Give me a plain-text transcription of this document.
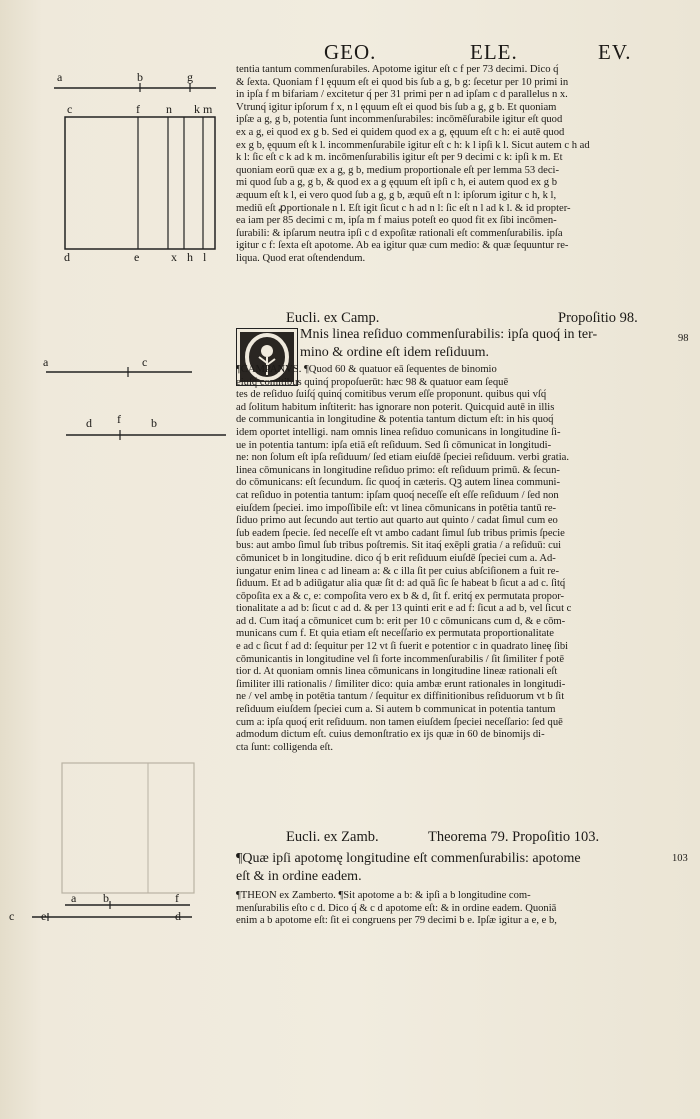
GEO.	ELE.	EV.
a	b	g
c	f n k m
d	e	x h l
a	c
d f	b
a b	f
c e	d
tentia tantum commenſurabiles. Apotome igitur eſt c f per 73 decimi. Dico q́
& ſexta. Quoniam f l ęquum eſt ei quod bis ſub a g, b g: ſecetur per 10 primi in
in ipſa f m bifariam / excitetur q́ per 31 primi per n ad ipſam c d parallelus n x.
Vtrunq́ igitur ipſorum f x, n l ęquum eſt ei quod bis ſub a g, g b. Et quoniam
ipſæ a g, g b, potentia ſunt incommenſurabiles: incōmēſurabile igitur eſt quod
ex a g, ei quod ex g b. Sed ei quidem quod ex a g, ęquum eſt c h: ei autē quod
ex g b, ęquum eſt k l. incommenſurabile igitur eſt c h: k l ipſi k l. Sicut autem c h ad
k l: ſic eſt c k ad k m. incōmenſurabilis igitur eſt per 9 decimi c k: ipſi k m. Et
quoniam eorū quæ ex a g, g b, medium proportionale eſt per lemma 53 deci-
mi quod ſub a g, g b, & quod ex a g ęquum eſt ipſi c h, ei autem quod ex g b
æquum eſt k l, ei vero quod ſub a g, g b, æquū eſt n l: ipſorum igitur c h, k l,
mediū eſt ꝓportionale n l. Eſt igit ſicut c h ad n l: ſic eſt n l ad k l. & id propter-
ea iam per 85 decimi c m, ipſa m f maius poteſt eo quod fit ex ſibi incōmen-
ſurabili: & ipſarum neutra ipſi c d expoſitæ rationali eſt commenſurabilis. ipſa
igitur c f: ſexta eſt apotome. Ab ea igitur quæ cum medio: & quæ ſequuntur re-
liqua. Quod erat oſtendendum.
Eucli. ex Camp.	Propoſitio 98.
98
Mnis linea reſiduo commenſurabilis: ipſa quoq́ in ter-
mino & ordine eſt idem reſiduum.
¶CAMPANVS. ¶Quod 60 & quatuor eā ſequentes de binomio
eiuſq́ comitibus quinq́ propoſuerūt: hæc 98 & quatuor eam ſequē
tes de reſiduo ſuiſq́ quinq́ comitibus verum eſſe proponunt. quibus qui vſq́
ad ſolitum habitum inſtiterit: has ignorare non poterit. Quicquid autē in illis
de communicantia in longitudine & potentia tantum dictum eſt: in his quoq́
idem oportet intelligi. nam omnis linea reſiduo comunicans in longitudine ſi-
ue in potentia tantum: ipſa etiā eſt reſiduum. Sed ſi cōmunicat in longitudi-
ne: non ſolum eſt ipſa reſiduum/ ſed etiam eiuſdē ſpeciei reſiduum. verbi gratia.
linea cōmunicans in longitudine reſiduo primo: eſt reſiduum primū. & ſecun-
do cōmunicans: eſt ſecundum. ſic quoq́ in cæteris. Qꝫ autem linea communi-
cat reſiduo in potentia tantum: ipſam quoq́ neceſſe eſt eſſe reſiduum / ſed non
eiuſdem ſpeciei. imo impoſſibile eſt: vt linea cōmunicans in potētia tantū re-
ſiduo primo aut ſecundo aut tertio aut quarto aut quinto / cadat ſimul cum eo
ſub eadem ſpecie. ſed neceſſe eſt vt ambo cadant ſimul ſub tribus primis ſpecie
bus: aut ambo ſimul ſub tribus poſtremis. Sit itaq́ exēpli gratia / a reſiduū: cui
cōmunicet b in longitudine. dico q́ b erit reſiduum eiuſdē ſpeciei cum a. Ad-
iungatur enim linea c ad lineam a: & c illa ſit per cuius abſciſionem a fuit re-
ſiduum. Et ad b adiūgatur alia quæ ſit d: ad quā ſic ſe habeat b ſicut a ad c. ſitq́
cōpoſita ex a & c, e: compoſita vero ex b & d, ſit f. eritq́ ex permutata propor-
tionalitate a ad b: ſicut c ad d. & per 13 quinti erit e ad f: ſicut a ad b, vel ſicut c
ad d. Cum itaq́ a cōmunicet cum b: erit per 10 c cōmunicans cum d, & e cōm-
municans cum f. Et quia etiam eſt neceſſario ex permutata proportionalitate
e ad c ſicut f ad d: ſequitur per 12 vt ſi fuerit e potentior c in quadrato lineę ſibi
cōmunicantis in longitudine vel ſi forte incommenſurabilis / ſit ſimiliter f potē
tior d. At quoniam omnis linea cōmunicans in longitudine lineæ rationali eſt
ſimiliter illi rationalis / ſimiliter dico: quia ambæ erunt rationales in longitudi-
ne / vel ambę in potētia tantum / ſequitur ex diffinitionibus reſiduorum vt b ſit
reſiduum eiuſdem ſpeciei cum a. Si autem b communicat in potentia tantum
cum a: ipſa quoq́ erit reſiduum. non tamen eiuſdem ſpeciei neceſſario: ſed quē
admodum dictum eſt. cuius demonſtratio ex ijs quæ in 60 de binomijs di-
cta ſunt: colligenda eſt.
Eucli. ex Zamb.	Theorema 79. Propoſitio 103.
103
¶Quæ ipſi apotomę longitudine eſt commenſurabilis: apotome
eſt & in ordine eadem.
¶THEON ex Zamberto. ¶Sit apotome a b: & ipſi a b longitudine com-
menſurabilis eſto c d. Dico q́ & c d apotome eſt: & in ordine eadem. Quoniā
enim a b apotome eſt: ſit ei congruens per 79 decimi b e. Ipſæ igitur a e, e b,
